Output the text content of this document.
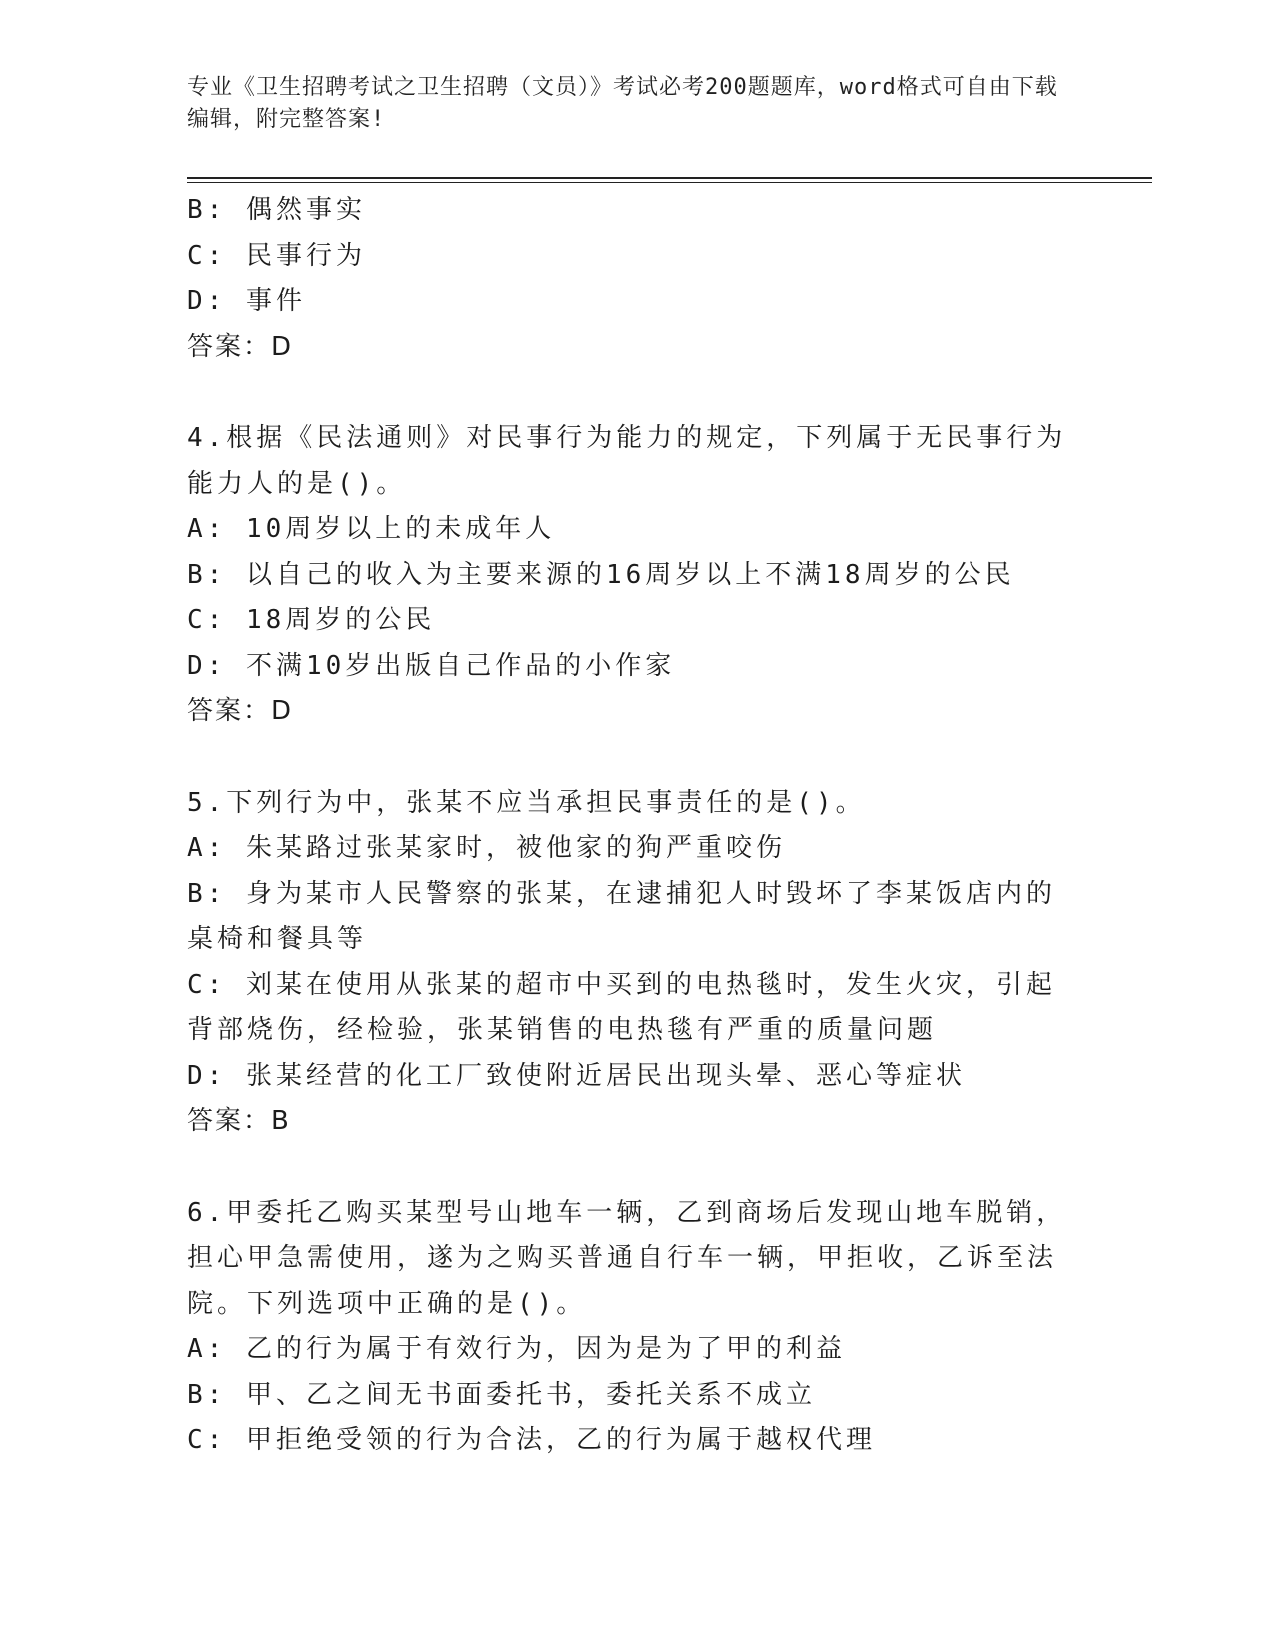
专业《卫生招聘考试之卫生招聘（文员）》考试必考200题题库，word格式可自由下载编辑，附完整答案!
B: 偶然事实
C: 民事行为
D: 事件
答案：D
4.根据《民法通则》对民事行为能力的规定，下列属于无民事行为能力人的是()。
A: 10周岁以上的未成年人
B: 以自己的收入为主要来源的16周岁以上不满18周岁的公民
C: 18周岁的公民
D: 不满10岁出版自己作品的小作家
答案：D
5.下列行为中，张某不应当承担民事责任的是()。
A: 朱某路过张某家时，被他家的狗严重咬伤
B: 身为某市人民警察的张某，在逮捕犯人时毁坏了李某饭店内的桌椅和餐具等
C: 刘某在使用从张某的超市中买到的电热毯时，发生火灾，引起背部烧伤，经检验，张某销售的电热毯有严重的质量问题
D: 张某经营的化工厂致使附近居民出现头晕、恶心等症状
答案：B
6.甲委托乙购买某型号山地车一辆，乙到商场后发现山地车脱销，担心甲急需使用，遂为之购买普通自行车一辆，甲拒收，乙诉至法院。下列选项中正确的是()。
A: 乙的行为属于有效行为，因为是为了甲的利益
B: 甲、乙之间无书面委托书，委托关系不成立
C: 甲拒绝受领的行为合法，乙的行为属于越权代理
